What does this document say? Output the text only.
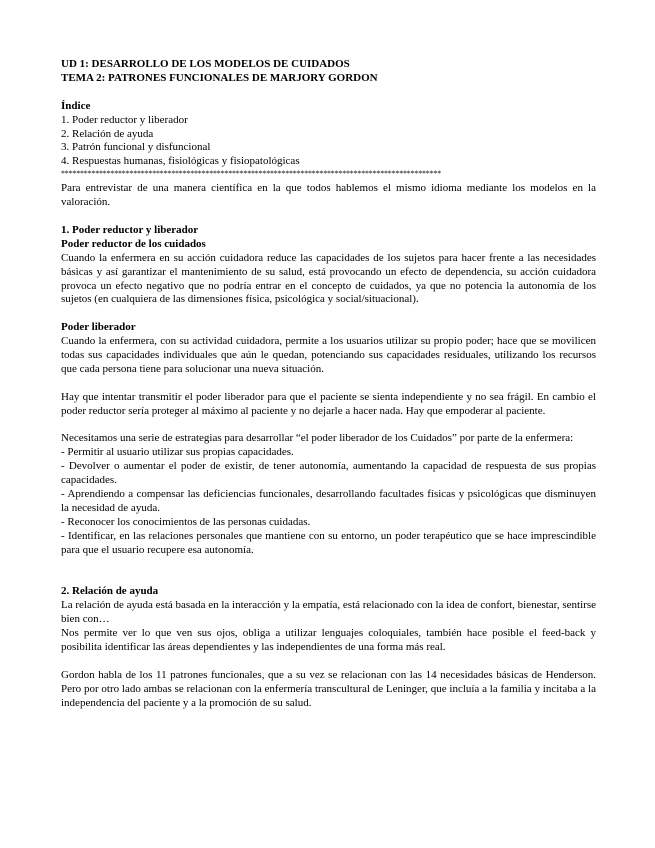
UD 1: DESARROLLO DE LOS MODELOS DE CUIDADOS

TEMA 2: PATRONES FUNCIONALES DE MARJORY GORDON

Índice

1. Poder reductor y liberador

2. Relación de ayuda

3. Patrón funcional y disfuncional

4. Respuestas humanas, fisiológicas y fisiopatológicas

****************************************************************************************************

Para entrevistar de una manera científica en la que todos hablemos el mismo idioma mediante los modelos en la valoración.

1. Poder reductor y liberador

Poder reductor de los cuidados

Cuando la enfermera en su acción cuidadora reduce las capacidades de los sujetos para hacer frente a las necesidades básicas y así garantizar el mantenimiento de su salud, está provocando un efecto de dependencia, su acción cuidadora provoca un efecto negativo que no podría entrar en el concepto de cuidados, ya que no potencia la autonomía de los sujetos (en cualquiera de las dimensiones física, psicológica y social/situacional).

Poder liberador

Cuando la enfermera, con su actividad cuidadora, permite a los usuarios utilizar su propio poder; hace que se movilicen todas sus capacidades individuales que aún le quedan, potenciando sus capacidades residuales, utilizando los recursos que cada persona tiene para solucionar una nueva situación.

Hay que intentar transmitir el poder liberador para que el paciente se sienta independiente y no sea frágil. En cambio el poder reductor sería proteger al máximo al paciente y no dejarle a hacer nada. Hay que empoderar al paciente.

Necesitamos una serie de estrategias para desarrollar “el poder liberador de los Cuidados” por parte de la enfermera:

- Permitir al usuario utilizar sus propias capacidades.

- Devolver o aumentar el poder de existir, de tener autonomía, aumentando la capacidad de respuesta de sus propias capacidades.

- Aprendiendo a compensar las deficiencias funcionales, desarrollando facultades físicas y psicológicas que disminuyen la necesidad de ayuda.

- Reconocer los conocimientos de las personas cuidadas.

- Identificar, en las relaciones personales que mantiene con su entorno, un poder terapéutico que se hace imprescindible para que el usuario recupere esa autonomía.

2. Relación de ayuda

La relación de ayuda está basada en la interacción y la empatía, está relacionado con la idea de confort, bienestar, sentirse bien con…

Nos permite ver lo que ven sus ojos, obliga a utilizar lenguajes coloquiales, también hace posible el feed-back y posibilita identificar las áreas dependientes y las independientes de una forma más real.

Gordon habla de los 11 patrones funcionales, que a su vez se relacionan con las 14 necesidades básicas de Henderson. Pero por otro lado ambas se relacionan con la enfermería transcultural de Leninger, que incluía a la familia y incitaba a la independencia del paciente y a la promoción de su salud.
